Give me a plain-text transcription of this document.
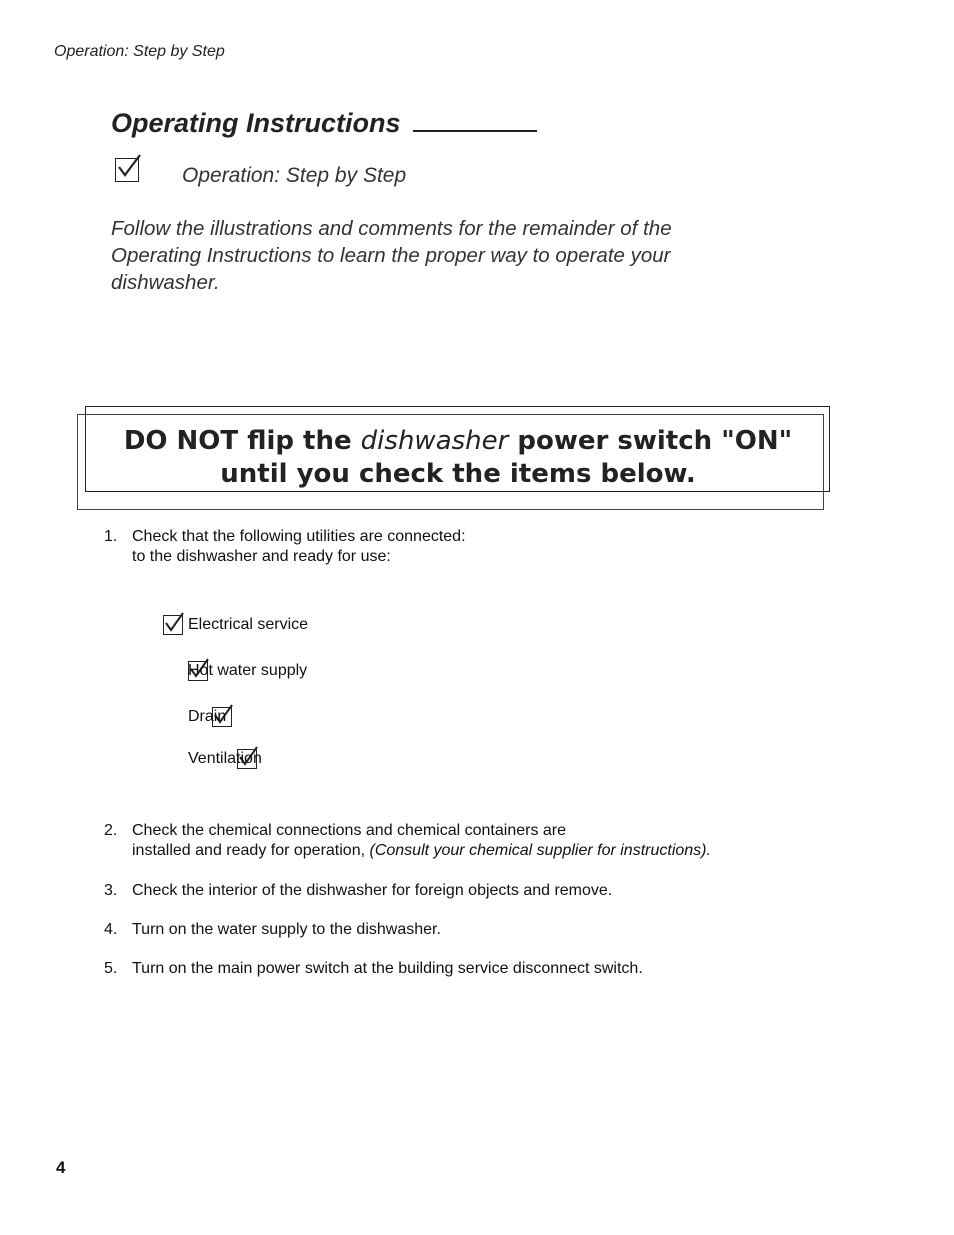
Operation: Step by Step
Operating Instructions

Operation: Step by Step
Follow the illustrations and comments for the remainder of the Operating Instructions to learn the proper way to operate your dishwasher.
DO NOT flip the dishwasher power switch "ON"
until you check the items below.
1. Check that the following utilities are connected:
to the dishwasher and ready for use:

Electrical service

Hot water supply

Drain
Ventilation
2. Check the chemical connections and chemical containers are
installed and ready for operation, (Consult your chemical supplier for instructions).
3. Check the interior of the dishwasher for foreign objects and remove.
4. Turn on the water supply to the dishwasher.
5. Turn on the main power switch at the building service disconnect switch.
4
